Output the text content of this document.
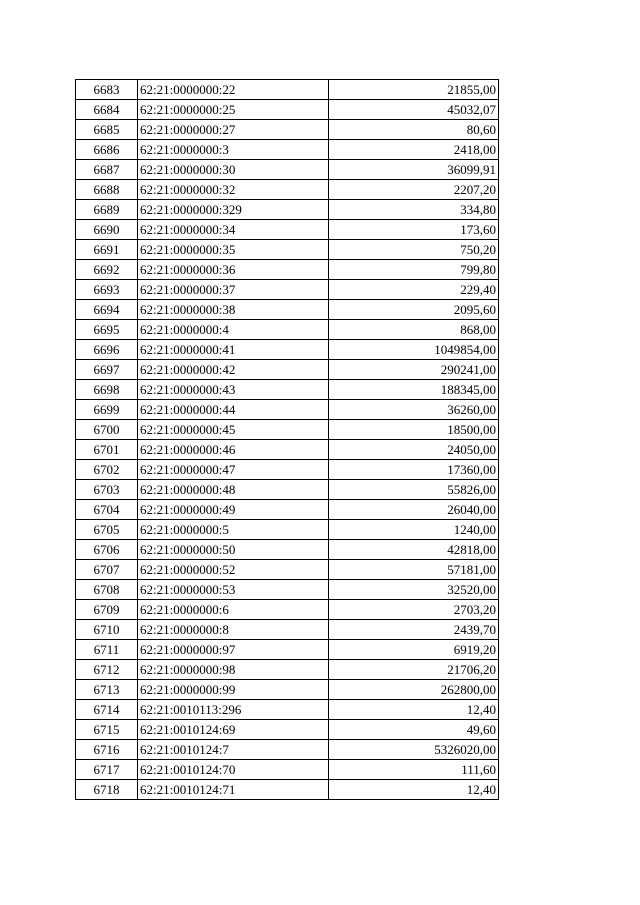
6683	62:21:0000000:22	21855,00
6684	62:21:0000000:25	45032,07
6685	62:21:0000000:27	80,60
6686	62:21:0000000:3	2418,00
6687	62:21:0000000:30	36099,91
6688	62:21:0000000:32	2207,20
6689	62:21:0000000:329	334,80
6690	62:21:0000000:34	173,60
6691	62:21:0000000:35	750,20
6692	62:21:0000000:36	799,80
6693	62:21:0000000:37	229,40
6694	62:21:0000000:38	2095,60
6695	62:21:0000000:4	868,00
6696	62:21:0000000:41	1049854,00
6697	62:21:0000000:42	290241,00
6698	62:21:0000000:43	188345,00
6699	62:21:0000000:44	36260,00
6700	62:21:0000000:45	18500,00
6701	62:21:0000000:46	24050,00
6702	62:21:0000000:47	17360,00
6703	62:21:0000000:48	55826,00
6704	62:21:0000000:49	26040,00
6705	62:21:0000000:5	1240,00
6706	62:21:0000000:50	42818,00
6707	62:21:0000000:52	57181,00
6708	62:21:0000000:53	32520,00
6709	62:21:0000000:6	2703,20
6710	62:21:0000000:8	2439,70
6711	62:21:0000000:97	6919,20
6712	62:21:0000000:98	21706,20
6713	62:21:0000000:99	262800,00
6714	62:21:0010113:296	12,40
6715	62:21:0010124:69	49,60
6716	62:21:0010124:7	5326020,00
6717	62:21:0010124:70	111,60
6718	62:21:0010124:71	12,40
